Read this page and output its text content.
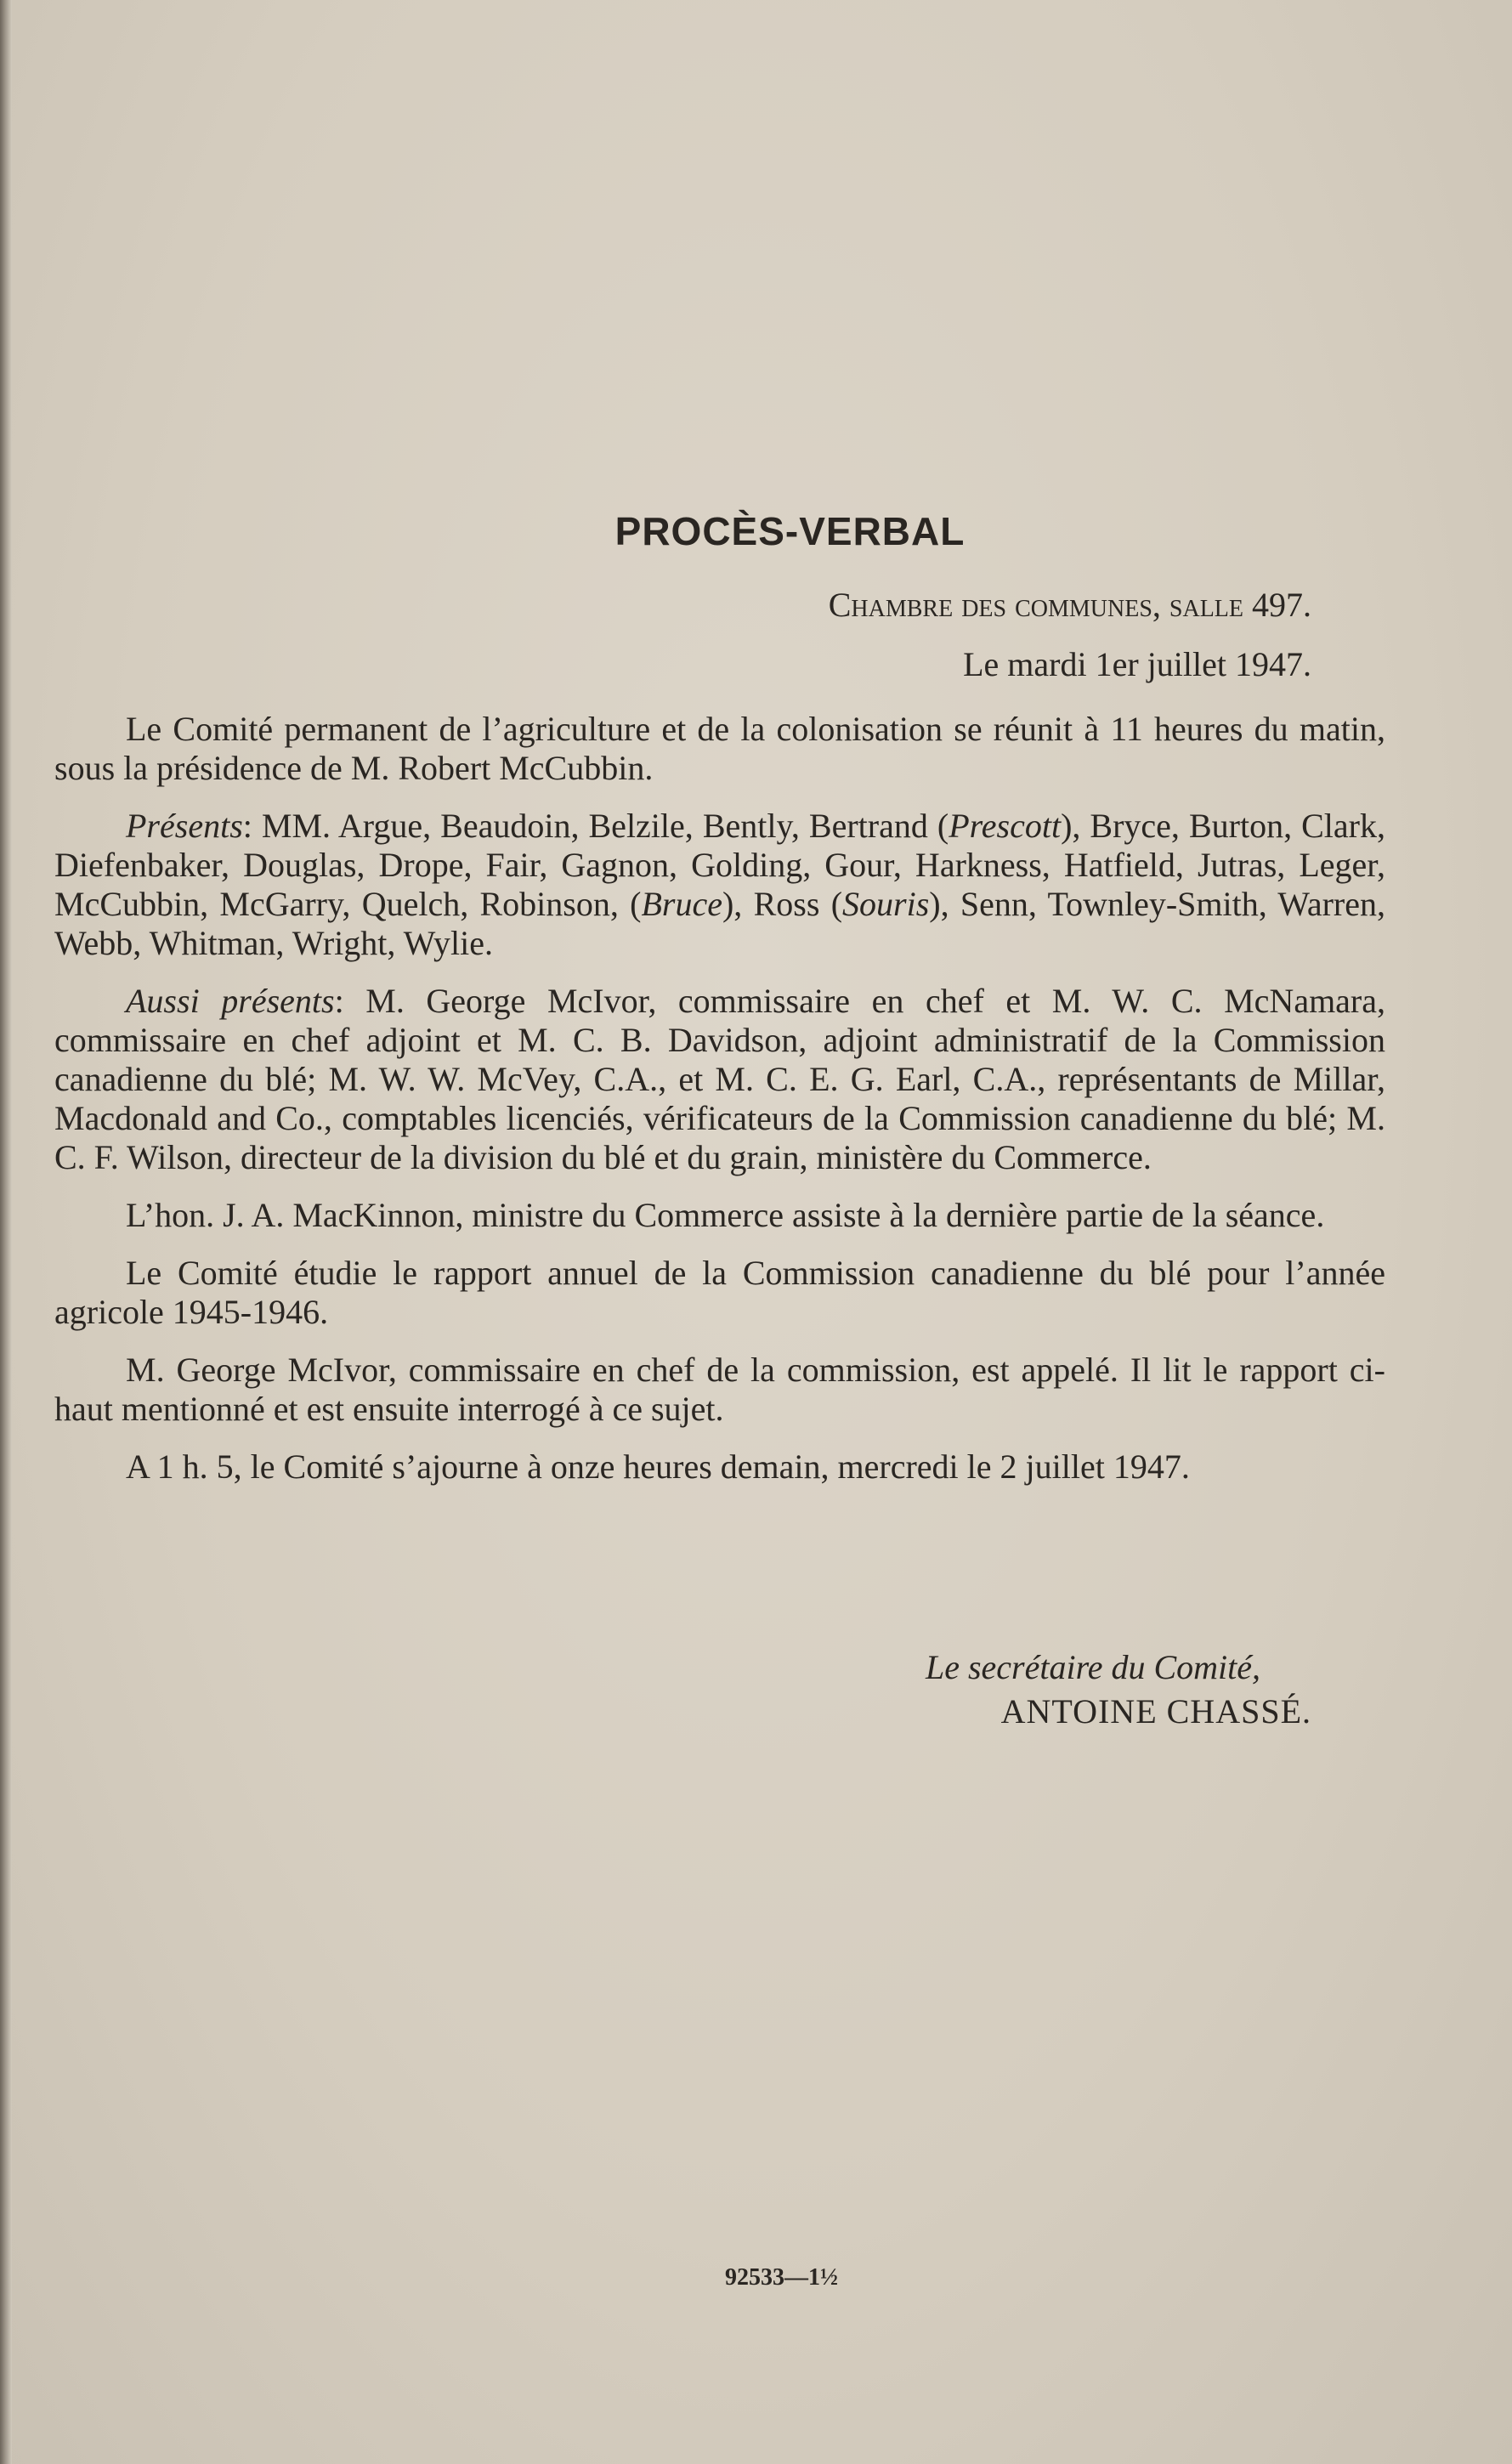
PROCÈS-VERBAL

Chambre des communes, salle 497.

Le mardi 1er juillet 1947.

Le Comité permanent de l’agriculture et de la colonisation se réunit à 11 heures du matin, sous la présidence de M. Robert McCubbin.

Présents: MM. Argue, Beaudoin, Belzile, Bently, Bertrand (Prescott), Bryce, Burton, Clark, Diefenbaker, Douglas, Drope, Fair, Gagnon, Golding, Gour, Harkness, Hatfield, Jutras, Leger, McCubbin, McGarry, Quelch, Robinson, (Bruce), Ross (Souris), Senn, Townley-Smith, Warren, Webb, Whitman, Wright, Wylie.

Aussi présents: M. George McIvor, commissaire en chef et M. W. C. McNamara, commissaire en chef adjoint et M. C. B. Davidson, adjoint administratif de la Commission canadienne du blé; M. W. W. McVey, C.A., et M. C. E. G. Earl, C.A., représentants de Millar, Macdonald and Co., comptables licenciés, vérificateurs de la Commission canadienne du blé; M. C. F. Wilson, directeur de la division du blé et du grain, ministère du Commerce.

L’hon. J. A. MacKinnon, ministre du Commerce assiste à la dernière partie de la séance.

Le Comité étudie le rapport annuel de la Commission canadienne du blé pour l’année agricole 1945-1946.

M. George McIvor, commissaire en chef de la commission, est appelé. Il lit le rapport ci-haut mentionné et est ensuite interrogé à ce sujet.

A 1 h. 5, le Comité s’ajourne à onze heures demain, mercredi le 2 juillet 1947.

Le secrétaire du Comité,

ANTOINE CHASSÉ.

92533—1½
